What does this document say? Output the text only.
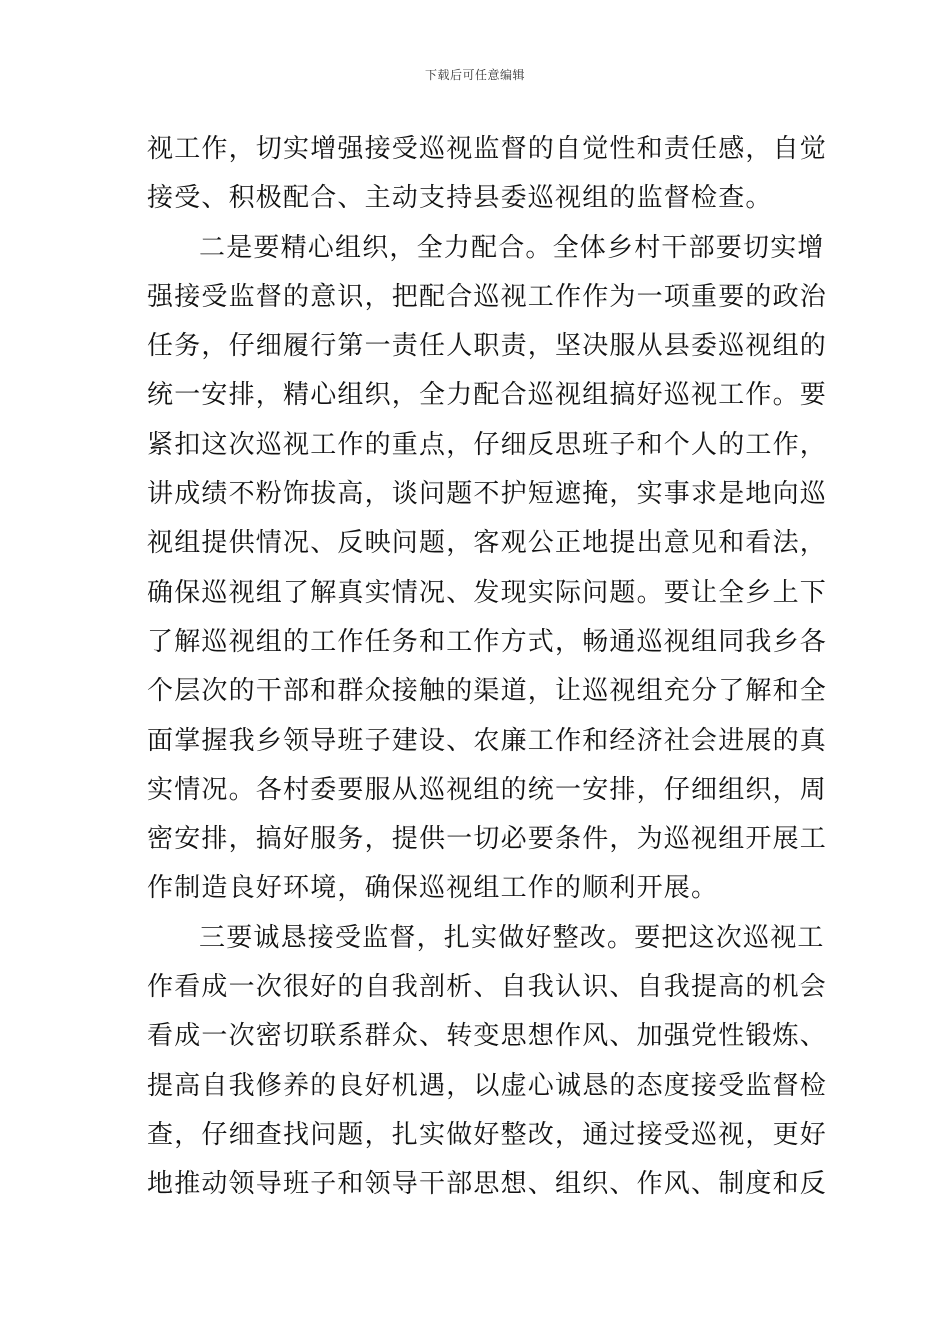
下载后可任意编辑
视工作，切实增强接受巡视监督的自觉性和责任感，自觉
接受、积极配合、主动支持县委巡视组的监督检查。
二是要精心组织，全力配合。全体乡村干部要切实增
强接受监督的意识，把配合巡视工作作为一项重要的政治
任务，仔细履行第一责任人职责，坚决服从县委巡视组的
统一安排，精心组织，全力配合巡视组搞好巡视工作。要
紧扣这次巡视工作的重点，仔细反思班子和个人的工作，
讲成绩不粉饰拔高，谈问题不护短遮掩，实事求是地向巡
视组提供情况、反映问题，客观公正地提出意见和看法，
确保巡视组了解真实情况、发现实际问题。要让全乡上下
了解巡视组的工作任务和工作方式，畅通巡视组同我乡各
个层次的干部和群众接触的渠道，让巡视组充分了解和全
面掌握我乡领导班子建设、农廉工作和经济社会进展的真
实情况。各村委要服从巡视组的统一安排，仔细组织，周
密安排，搞好服务，提供一切必要条件，为巡视组开展工
作制造良好环境，确保巡视组工作的顺利开展。
三要诚恳接受监督，扎实做好整改。要把这次巡视工
作看成一次很好的自我剖析、自我认识、自我提高的机会
看成一次密切联系群众、转变思想作风、加强党性锻炼、
提高自我修养的良好机遇，以虚心诚恳的态度接受监督检
查，仔细查找问题，扎实做好整改，通过接受巡视，更好
地推动领导班子和领导干部思想、组织、作风、制度和反
